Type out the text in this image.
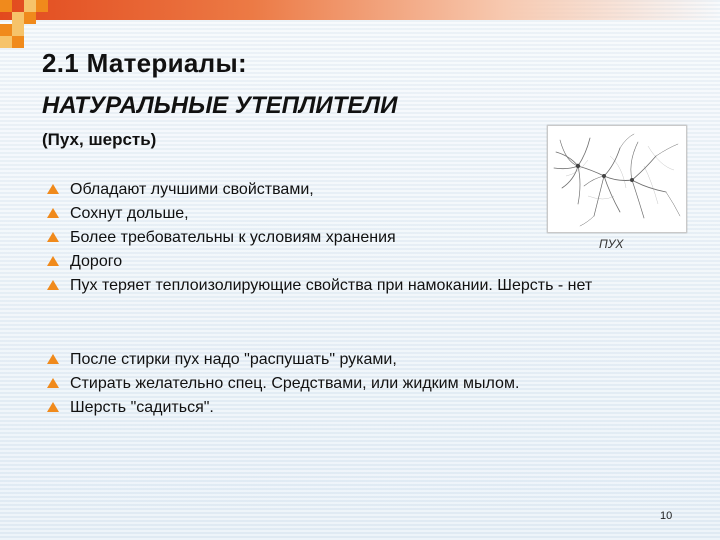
2.1 Материалы:
НАТУРАЛЬНЫЕ УТЕПЛИТЕЛИ
(Пух, шерсть)
Обладают лучшими свойствами,
Сохнут дольше,
Более требовательны к условиям хранения
Дорого
Пух теряет теплоизолирующие свойства при намокании. Шерсть - нет
После стирки пух надо "распушать" руками,
Стирать желательно спец. Средствами, или жидким мылом.
Шерсть "садиться".
ПУХ
10
